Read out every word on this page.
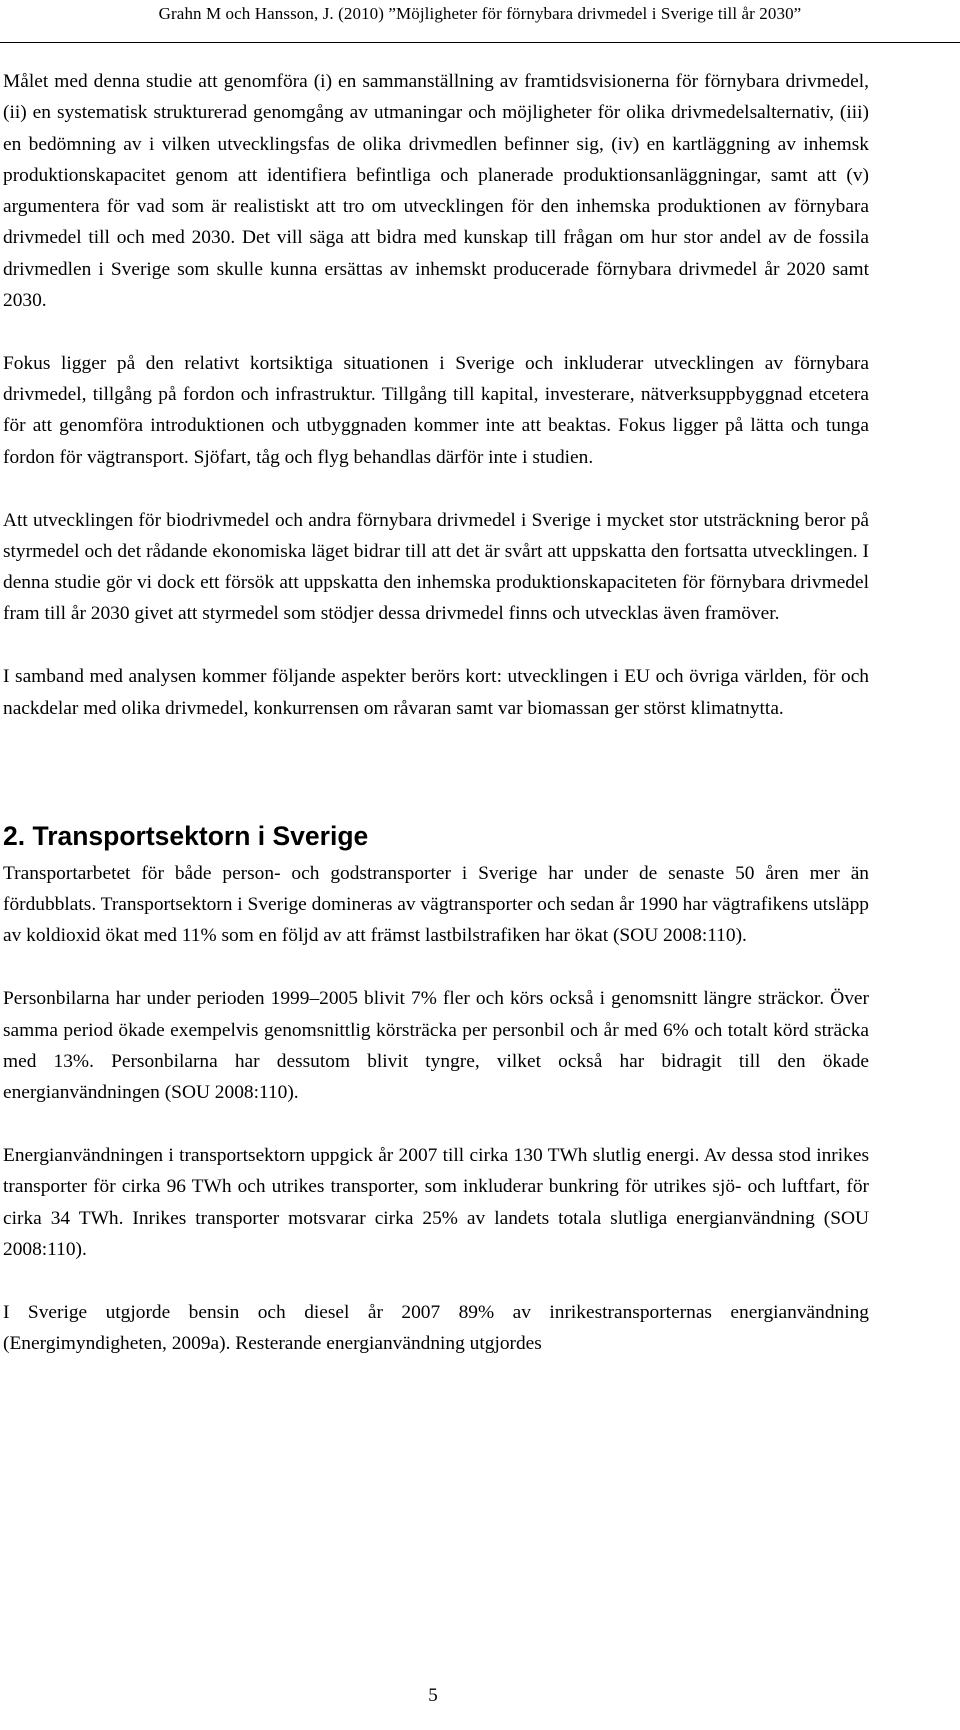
Grahn M och Hansson, J. (2010) ”Möjligheter för förnybara drivmedel i Sverige till år 2030”

Målet med denna studie att genomföra (i) en sammanställning av framtidsvisionerna för förnybara drivmedel, (ii) en systematisk strukturerad genomgång av utmaningar och möjligheter för olika drivmedelsalternativ, (iii) en bedömning av i vilken utvecklingsfas de olika drivmedlen befinner sig, (iv) en kartläggning av inhemsk produktionskapacitet genom att identifiera befintliga och planerade produktionsanläggningar, samt att (v) argumentera för vad som är realistiskt att tro om utvecklingen för den inhemska produktionen av förnybara drivmedel till och med 2030. Det vill säga att bidra med kunskap till frågan om hur stor andel av de fossila drivmedlen i Sverige som skulle kunna ersättas av inhemskt producerade förnybara drivmedel år 2020 samt 2030.

Fokus ligger på den relativt kortsiktiga situationen i Sverige och inkluderar utvecklingen av förnybara drivmedel, tillgång på fordon och infrastruktur. Tillgång till kapital, investerare, nätverksuppbyggnad etcetera för att genomföra introduktionen och utbyggnaden kommer inte att beaktas. Fokus ligger på lätta och tunga fordon för vägtransport. Sjöfart, tåg och flyg behandlas därför inte i studien.

Att utvecklingen för biodrivmedel och andra förnybara drivmedel i Sverige i mycket stor utsträckning beror på styrmedel och det rådande ekonomiska läget bidrar till att det är svårt att uppskatta den fortsatta utvecklingen. I denna studie gör vi dock ett försök att uppskatta den inhemska produktionskapaciteten för förnybara drivmedel fram till år 2030 givet att styrmedel som stödjer dessa drivmedel finns och utvecklas även framöver.

I samband med analysen kommer följande aspekter berörs kort: utvecklingen i EU och övriga världen, för och nackdelar med olika drivmedel, konkurrensen om råvaran samt var biomassan ger störst klimatnytta.

2. Transportsektorn i Sverige

Transportarbetet för både person- och godstransporter i Sverige har under de senaste 50 åren mer än fördubblats. Transportsektorn i Sverige domineras av vägtransporter och sedan år 1990 har vägtrafikens utsläpp av koldioxid ökat med 11% som en följd av att främst lastbilstrafiken har ökat (SOU 2008:110).

Personbilarna har under perioden 1999–2005 blivit 7% fler och körs också i genomsnitt längre sträckor. Över samma period ökade exempelvis genomsnittlig körsträcka per personbil och år med 6% och totalt körd sträcka med 13%. Personbilarna har dessutom blivit tyngre, vilket också har bidragit till den ökade energianvändningen (SOU 2008:110).

Energianvändningen i transportsektorn uppgick år 2007 till cirka 130 TWh slutlig energi. Av dessa stod inrikes transporter för cirka 96 TWh och utrikes transporter, som inkluderar bunkring för utrikes sjö- och luftfart, för cirka 34 TWh. Inrikes transporter motsvarar cirka 25% av landets totala slutliga energianvändning (SOU 2008:110).

I Sverige utgjorde bensin och diesel år 2007 89% av inrikestransporternas energianvändning (Energimyndigheten, 2009a). Resterande energianvändning utgjordes

5
